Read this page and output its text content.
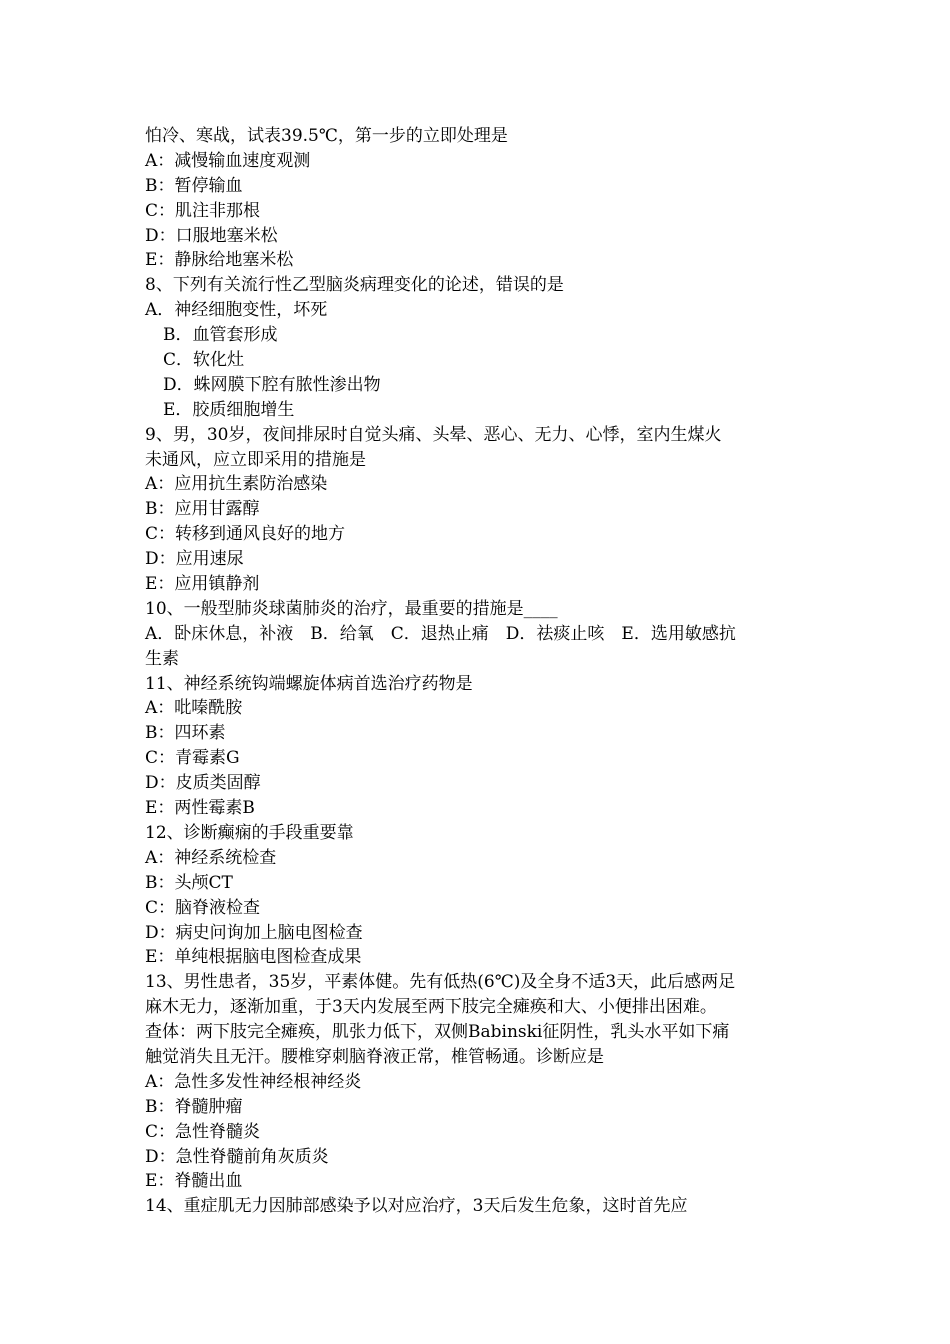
怕冷、寒战，试表39.5℃，第一步的立即处理是
A：减慢输血速度观测
B：暂停输血
C：肌注非那根
D：口服地塞米松
E：静脉给地塞米松
8、下列有关流行性乙型脑炎病理变化的论述，错误的是
A．神经细胞变性，坏死
B．血管套形成
C．软化灶
D．蛛网膜下腔有脓性渗出物
E．胶质细胞增生
9、男，30岁，夜间排尿时自觉头痛、头晕、恶心、无力、心悸，室内生煤火
未通风，应立即采用的措施是
A：应用抗生素防治感染
B：应用甘露醇
C：转移到通风良好的地方
D：应用速尿
E：应用镇静剂
10、一般型肺炎球菌肺炎的治疗，最重要的措施是____
A．卧床休息，补液　B．给氧　C．退热止痛　D．祛痰止咳　E．选用敏感抗
生素
11、神经系统钩端螺旋体病首选治疗药物是
A：吡嗪酰胺
B：四环素
C：青霉素G
D：皮质类固醇
E：两性霉素B
12、诊断癫痫的手段重要靠
A：神经系统检查
B：头颅CT
C：脑脊液检查
D：病史问询加上脑电图检查
E：单纯根据脑电图检查成果
13、男性患者，35岁，平素体健。先有低热(6℃)及全身不适3天，此后感两足
麻木无力，逐渐加重，于3天内发展至两下肢完全瘫痪和大、小便排出困难。
查体：两下肢完全瘫痪，肌张力低下，双侧Babinski征阴性，乳头水平如下痛
触觉消失且无汗。腰椎穿刺脑脊液正常，椎管畅通。诊断应是
A：急性多发性神经根神经炎
B：脊髓肿瘤
C：急性脊髓炎
D：急性脊髓前角灰质炎
E：脊髓出血
14、重症肌无力因肺部感染予以对应治疗，3天后发生危象，这时首先应
